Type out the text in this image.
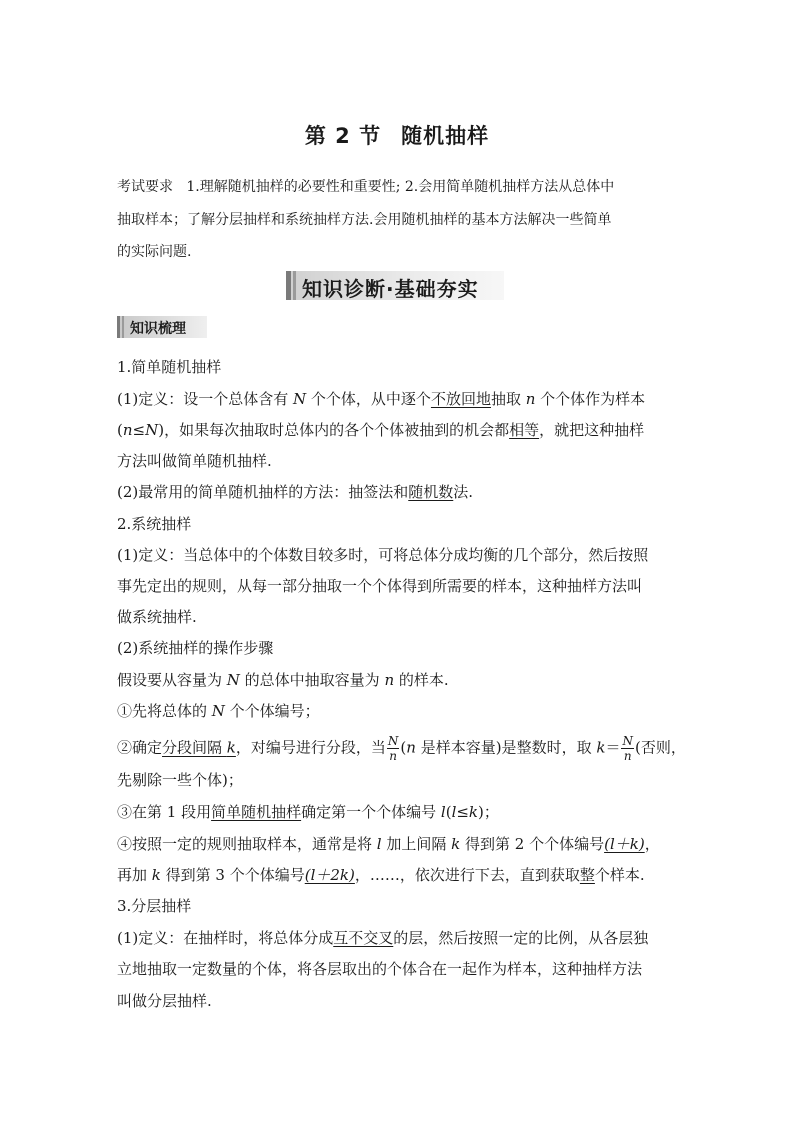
第 2 节 随机抽样
考试要求 1.理解随机抽样的必要性和重要性; 2.会用简单随机抽样方法从总体中
抽取样本；了解分层抽样和系统抽样方法.会用随机抽样的基本方法解决一些简单
的实际问题.
知识诊断·基础夯实
知识梳理
1.简单随机抽样
(1)定义：设一个总体含有 N 个个体，从中逐个不放回地抽取 n 个个体作为样本
(n≤N)，如果每次抽取时总体内的各个个体被抽到的机会都相等，就把这种抽样
方法叫做简单随机抽样.
(2)最常用的简单随机抽样的方法：抽签法和随机数法.
2.系统抽样
(1)定义：当总体中的个体数目较多时，可将总体分成均衡的几个部分，然后按照
事先定出的规则，从每一部分抽取一个个体得到所需要的样本，这种抽样方法叫
做系统抽样.
(2)系统抽样的操作步骤
假设要从容量为 N 的总体中抽取容量为 n 的样本.
①先将总体的 N 个个体编号；
②确定分段间隔 k，对编号进行分段，当 $\frac{N}{n} (n$ 是样本容量)是整数时，取 $k= \frac{N}{n}$ (否则，
先剔除一些个体)；
③在第 1 段用简单随机抽样确定第一个个体编号 l(l≤k)；
④按照一定的规则抽取样本，通常是将 l 加上间隔 k 得到第 2 个个体编号(l＋k)，
再加 k 得到第 3 个个体编号(l＋2k)，……，依次进行下去，直到获取整个样本.
3.分层抽样
(1)定义：在抽样时，将总体分成互不交叉的层，然后按照一定的比例，从各层独
立地抽取一定数量的个体，将各层取出的个体合在一起作为样本，这种抽样方法
叫做分层抽样.
